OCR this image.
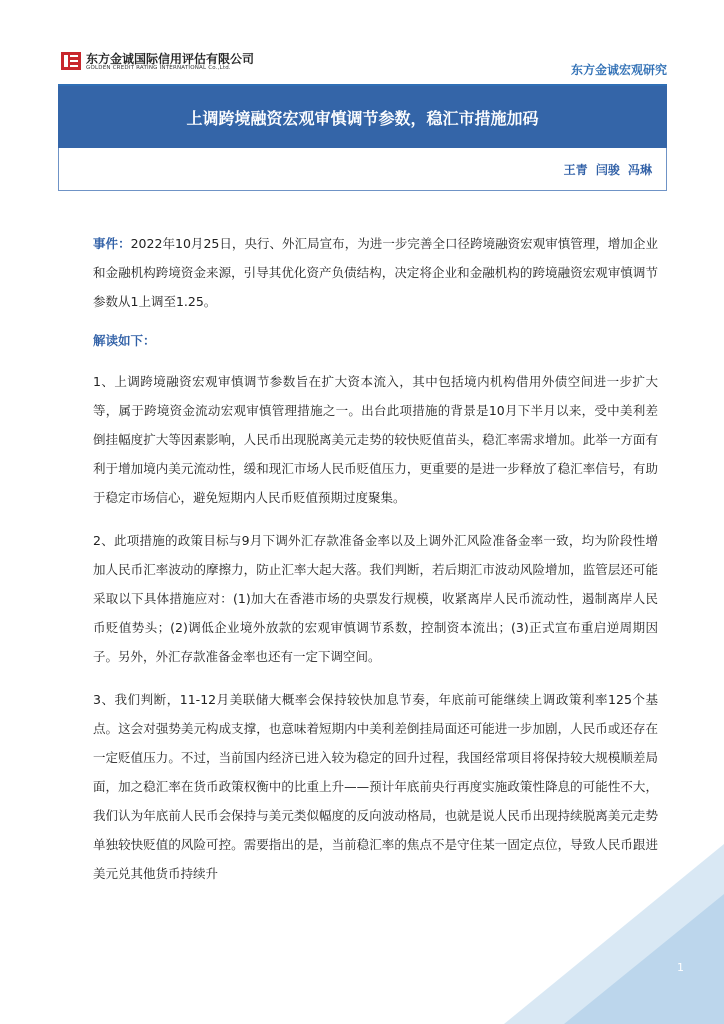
东方金诚国际信用评估有限公司
GOLDEN CREDIT RATING INTERNATIONAL Co.,Ltd.	东方金诚宏观研究
上调跨境融资宏观审慎调节参数，稳汇市措施加码
王青 闫骏 冯琳

事件：2022年10月25日，央行、外汇局宣布，为进一步完善全口径跨境融资宏观审慎管理，增加企业和金融机构跨境资金来源，引导其优化资产负债结构，决定将企业和金融机构的跨境融资宏观审慎调节参数从1上调至1.25。

解读如下：

1、上调跨境融资宏观审慎调节参数旨在扩大资本流入，其中包括境内机构借用外债空间进一步扩大等，属于跨境资金流动宏观审慎管理措施之一。出台此项措施的背景是10月下半月以来，受中美利差倒挂幅度扩大等因素影响，人民币出现脱离美元走势的较快贬值苗头，稳汇率需求增加。此举一方面有利于增加境内美元流动性，缓和现汇市场人民币贬值压力，更重要的是进一步释放了稳汇率信号，有助于稳定市场信心，避免短期内人民币贬值预期过度聚集。

2、此项措施的政策目标与9月下调外汇存款准备金率以及上调外汇风险准备金率一致，均为阶段性增加人民币汇率波动的摩擦力，防止汇率大起大落。我们判断，若后期汇市波动风险增加，监管层还可能采取以下具体措施应对：(1)加大在香港市场的央票发行规模，收紧离岸人民币流动性，遏制离岸人民币贬值势头；(2)调低企业境外放款的宏观审慎调节系数，控制资本流出；(3)正式宣布重启逆周期因子。另外，外汇存款准备金率也还有一定下调空间。

3、我们判断，11-12月美联储大概率会保持较快加息节奏，年底前可能继续上调政策利率125个基点。这会对强势美元构成支撑，也意味着短期内中美利差倒挂局面还可能进一步加剧，人民币或还存在一定贬值压力。不过，当前国内经济已进入较为稳定的回升过程，我国经常项目将保持较大规模顺差局面，加之稳汇率在货币政策权衡中的比重上升——预计年底前央行再度实施政策性降息的可能性不大，我们认为年底前人民币会保持与美元类似幅度的反向波动格局，也就是说人民币出现持续脱离美元走势单独较快贬值的风险可控。需要指出的是，当前稳汇率的焦点不是守住某一固定点位，导致人民币跟进美元兑其他货币持续升

1
